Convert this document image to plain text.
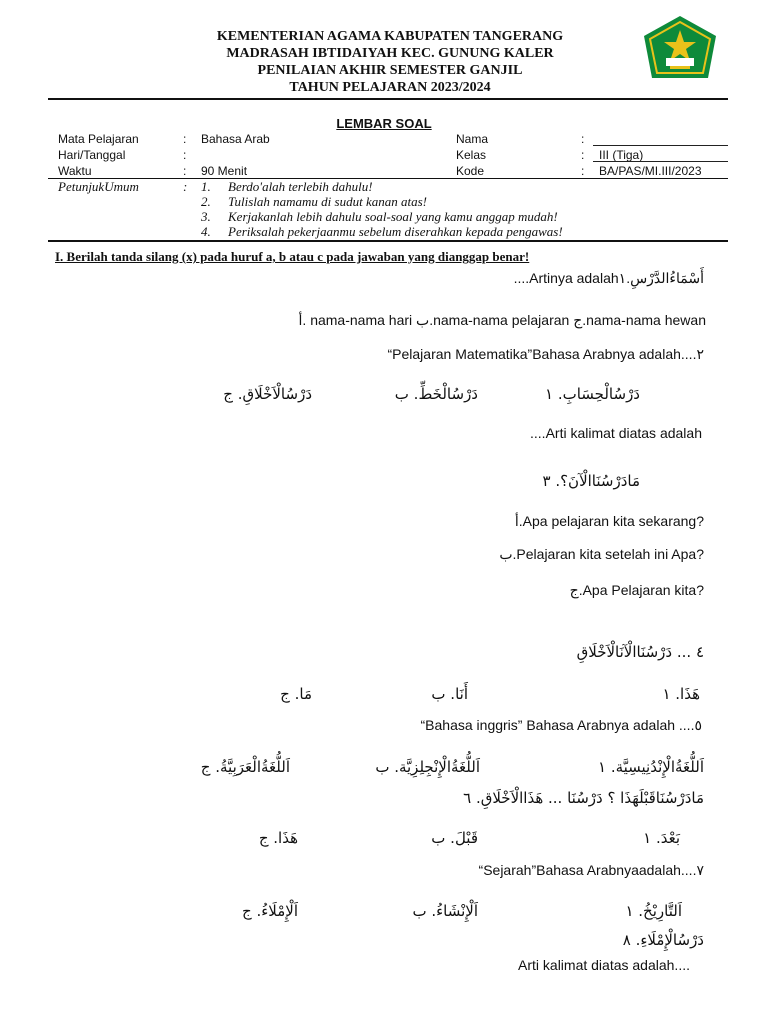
KEMENTERIAN AGAMA KABUPATEN TANGERANG
MADRASAH IBTIDAIYAH KEC. GUNUNG KALER
PENILAIAN AKHIR SEMESTER GANJIL
TAHUN PELAJARAN 2023/2024
LEMBAR SOAL
Mata Pelajaran	: Bahasa Arab
Hari/Tanggal	:
Waktu	: 90 Menit
Nama	:
Kelas	: III (Tiga)
Kode	: BA/PAS/MI.III/2023
PetunjukUmum	: 1. Berdo'alah terlebih dahulu!
2. Tulislah namamu di sudut kanan atas!
3. Kerjakanlah lebih dahulu soal-soal yang kamu anggap mudah!
4. Periksalah pekerjaanmu sebelum diserahkan kepada pengawas!
I. Berilah tanda silang (x) pada huruf a, b atau c pada jawaban yang dianggap benar!
....Artinya adalahأَسْمَاءُالدَّرْسِ.١
أ. nama-nama hari ب.nama-nama pelajaran ج.nama-nama hewan
“Pelajaran Matematika”Bahasa Arabnya adalah....٢
دَرْسُالْحِسَابِ. ١
دَرْسُالْخَطِّ. ب
دَرْسُالْاَخْلَاقِ. ج
....Arti kalimat diatas adalah
مَادَرْسُنَاالْآنَ؟. ٣
أ.Apa pelajaran kita sekarang?
ب.Pelajaran kita setelah ini Apa?
ج.Apa Pelajaran kita?
٤ ... دَرْسُنَاالْآنَالْاَخْلَاقِ
هَذَا. ١
أَنَا. ب
مَا. ج
“Bahasa inggris” Bahasa Arabnya adalah ....٥
اَللُّغَةُالْإِنْدُنِيسِيَّة. ١
اَللُّغَةُالْإِنْجِلِزِيَّة. ب
اَللُّغَةُالْعَرَبِيَّةُ. ج
مَادَرْسُنَاقَبْلَهَذَا ؟ دَرْسُنَا ... هَذَاالْاَخْلَاقِ. ٦
بَعْدَ. ١
قَبْلَ. ب
هَذَا. ج
“Sejarah”Bahasa Arabnyaadalah....٧
اَلتَّارِيْخُ. ١
اَلْإِنْشَاءُ. ب
اَلْإِمْلَاءُ. ج
دَرْسُالْإِمْلَاءِ. ٨
Arti kalimat diatas adalah....
